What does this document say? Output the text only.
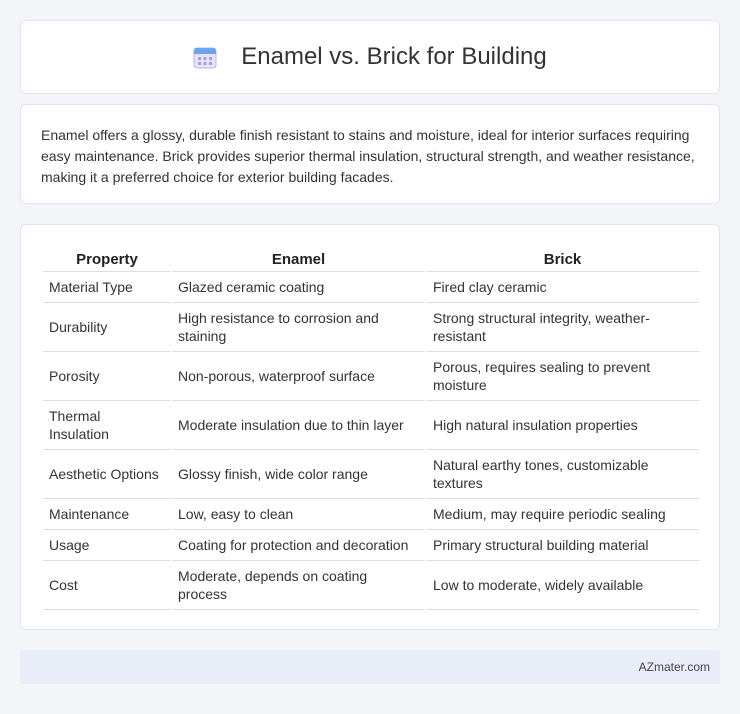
Enamel vs. Brick for Building

Enamel offers a glossy, durable finish resistant to stains and moisture, ideal for interior surfaces requiring easy maintenance. Brick provides superior thermal insulation, structural strength, and weather resistance, making it a preferred choice for exterior building facades.

Property	Enamel	Brick
Material Type	Glazed ceramic coating	Fired clay ceramic
Durability	High resistance to corrosion and staining	Strong structural integrity, weather-resistant
Porosity	Non-porous, waterproof surface	Porous, requires sealing to prevent moisture
Thermal Insulation	Moderate insulation due to thin layer	High natural insulation properties
Aesthetic Options	Glossy finish, wide color range	Natural earthy tones, customizable textures
Maintenance	Low, easy to clean	Medium, may require periodic sealing
Usage	Coating for protection and decoration	Primary structural building material
Cost	Moderate, depends on coating process	Low to moderate, widely available
AZmater.com
